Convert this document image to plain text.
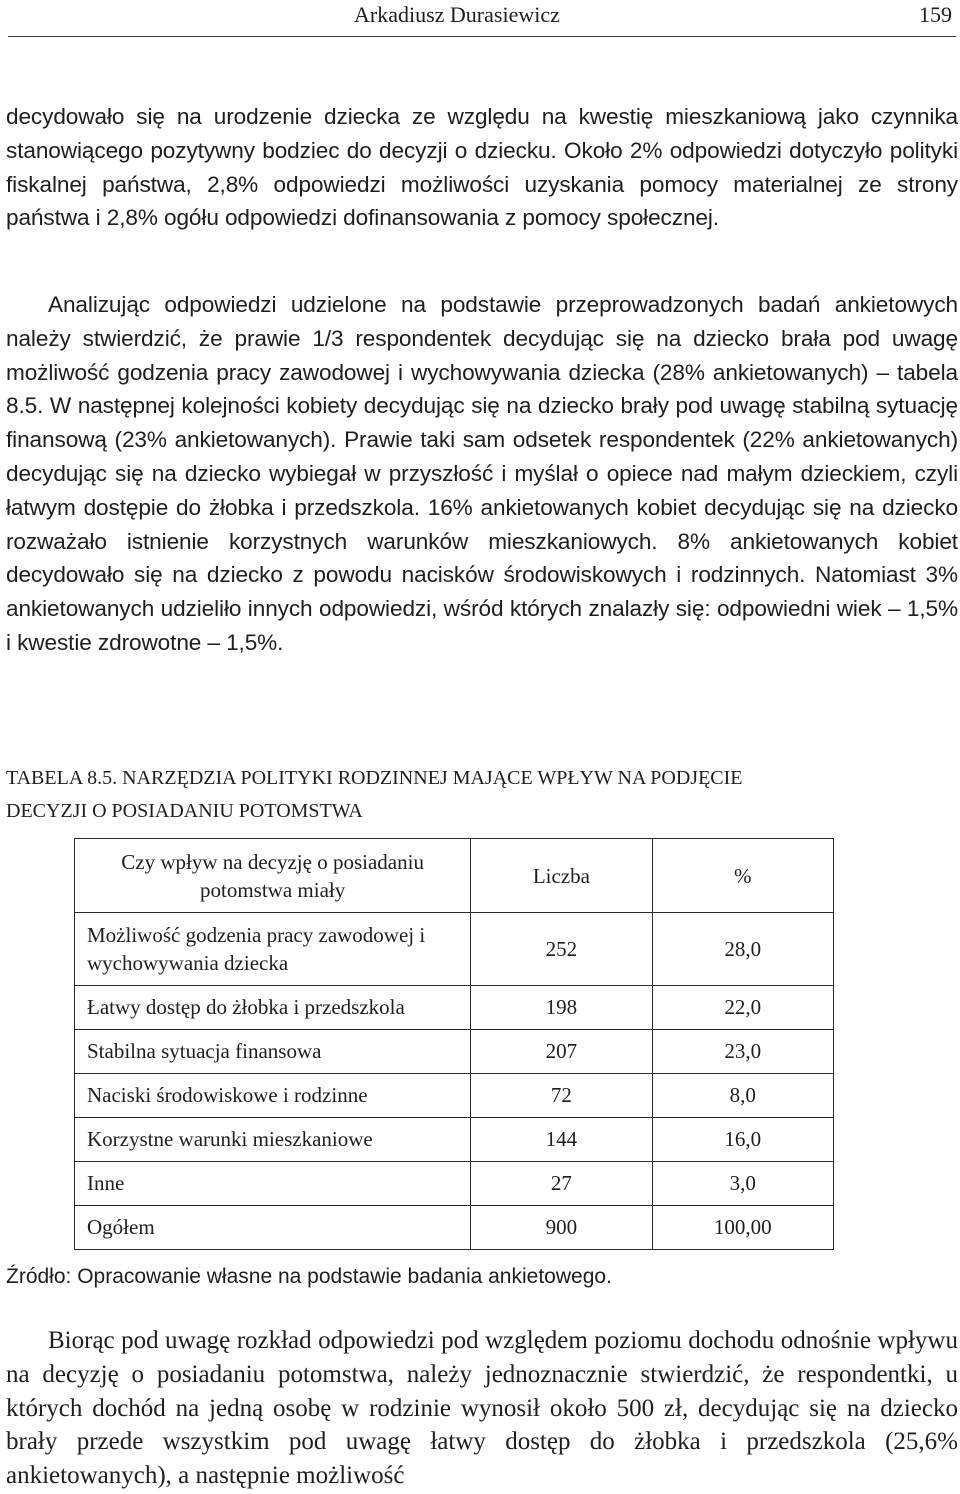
Arkadiusz Durasiewicz	159

decydowało się na urodzenie dziecka ze względu na kwestię mieszkaniową jako czynnika stanowiącego pozytywny bodziec do decyzji o dziecku. Około 2% odpowiedzi dotyczyło polityki fiskalnej państwa, 2,8% odpowiedzi możliwości uzyskania pomocy materialnej ze strony państwa i 2,8% ogółu odpowiedzi dofinansowania z pomocy społecznej.

Analizując odpowiedzi udzielone na podstawie przeprowadzonych badań ankietowych należy stwierdzić, że prawie 1/3 respondentek decydując się na dziecko brała pod uwagę możliwość godzenia pracy zawodowej i wychowywania dziecka (28% ankietowanych) – tabela 8.5. W następnej kolejności kobiety decydując się na dziecko brały pod uwagę stabilną sytuację finansową (23% ankietowanych). Prawie taki sam odsetek respondentek (22% ankietowanych) decydując się na dziecko wybiegał w przyszłość i myślał o opiece nad małym dzieckiem, czyli łatwym dostępie do żłobka i przedszkola. 16% ankietowanych kobiet decydując się na dziecko rozważało istnienie korzystnych warunków mieszkaniowych. 8% ankietowanych kobiet decydowało się na dziecko z powodu nacisków środowiskowych i rodzinnych. Natomiast 3% ankietowanych udzieliło innych odpowiedzi, wśród których znalazły się: odpowiedni wiek – 1,5% i kwestie zdrowotne – 1,5%.

TABELA 8.5. NARZĘDZIA POLITYKI RODZINNEJ MAJĄCE WPŁYW NA PODJĘCIE
DECYZJI O POSIADANIU POTOMSTWA

Czy wpływ na decyzję o posiadaniu potomstwa miały	Liczba	%
Możliwość godzenia pracy zawodowej i wychowywania dziecka	252	28,0
Łatwy dostęp do żłobka i przedszkola	198	22,0
Stabilna sytuacja finansowa	207	23,0
Naciski środowiskowe i rodzinne	72	8,0
Korzystne warunki mieszkaniowe	144	16,0
Inne	27	3,0
Ogółem	900	100,00

Źródło: Opracowanie własne na podstawie badania ankietowego.

Biorąc pod uwagę rozkład odpowiedzi pod względem poziomu dochodu odnośnie wpływu na decyzję o posiadaniu potomstwa, należy jednoznacznie stwierdzić, że respondentki, u których dochód na jedną osobę w rodzinie wynosił około 500 zł, decydując się na dziecko brały przede wszystkim pod uwagę łatwy dostęp do żłobka i przedszkola (25,6% ankietowanych), a następnie możliwość
